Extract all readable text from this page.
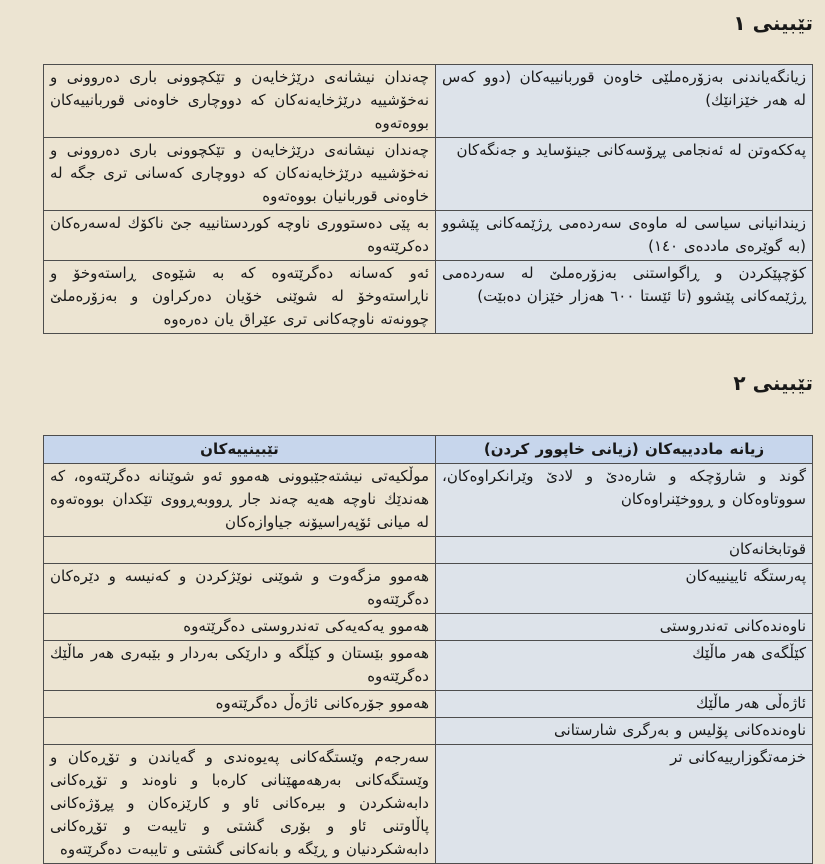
تێبینی ١
زیانگه‌یاندنی به‌زۆره‌ملێی خاوه‌ن قوربانییه‌كان (دوو كه‌س له هه‌ر خێزانێك)	چه‌ندان نیشانه‌ی درێژخایه‌ن و تێكچوونی باری ده‌روونی و نه‌خۆشییه درێژخایه‌نه‌كان كه دووچاری خاوه‌نی قوربانییه‌كان بووه‌ته‌وه
په‌ككه‌وتن له ئه‌نجامی پڕۆسه‌كانی جینۆساید و جه‌نگه‌كان	چه‌ندان نیشانه‌ی درێژخایه‌ن و تێكچوونی باری ده‌روونی و نه‌خۆشییه درێژخایه‌نه‌كان كه دووچاری كه‌سانی تری جگه له خاوه‌نی قوربانیان بووه‌ته‌وه
زیندانیانی سیاسی له ماوه‌ی سه‌رده‌می ڕژێمه‌كانی پێشوو (به گوێره‌ی مادده‌ی ١٤٠)	به پێی ده‌ستووری ناوچه كوردستانییه جێ ناكۆك له‌سه‌ره‌كان ده‌كرێته‌وه
كۆچپێكردن و ڕاگواستنی به‌زۆره‌ملێ له سه‌رده‌می ڕژێمه‌كانی پێشوو (تا ئێستا ٦٠٠ هه‌زار خێزان ده‌بێت)	ئه‌و كه‌سانه ده‌گرێته‌وه كه به شێوه‌ی ڕاسته‌وخۆ و ناڕاسته‌وخۆ له شوێنی خۆیان ده‌ركراون و به‌زۆره‌ملێ چوونه‌ته ناوچه‌كانی تری عێراق یان ده‌ره‌وه
تێبینی ٢
زیانه ماددییه‌كان (زیانی خاپوور كردن)	تێبینییه‌كان
گوند و شارۆچكه و شاره‌دێ و لادێ وێرانكراوه‌كان، سووتاوه‌كان و ڕووخێنراوه‌كان	موڵكیه‌تی نیشته‌جێبوونی هه‌موو ئه‌و شوێنانه ده‌گرێته‌وه، كه هه‌ندێك ناوچه هه‌یه چه‌ند جار ڕووبه‌ڕووی تێكدان بووه‌ته‌وه له میانی ئۆپه‌راسیۆنه جیاوازه‌كان
قوتابخانه‌كان	
په‌رستگه ئایینییه‌كان	هه‌موو مزگه‌وت و شوێنی نوێژكردن و كه‌نیسه و دێره‌كان ده‌گرێته‌وه
ناوه‌نده‌كانی ته‌ندروستی	هه‌موو یه‌كه‌یه‌كی ته‌ندروستی ده‌گرێته‌وه
كێڵگه‌ی هه‌ر ماڵێك	هه‌موو بێستان و كێڵگه و دارێكی به‌ردار و بێبه‌ری هه‌ر ماڵێك ده‌گرێته‌وه
ئاژه‌ڵی هه‌ر ماڵێك	هه‌موو جۆره‌كانی ئاژه‌ڵ ده‌گرێته‌وه
ناوه‌نده‌كانی پۆلیس و به‌رگری شارستانی	
خزمه‌تگوزارییه‌كانی تر	سه‌رجه‌م وێستگه‌كانی په‌یوه‌ندی و گه‌یاندن و تۆڕه‌كان و وێستگه‌كانی به‌رهه‌مهێنانی كاره‌با و ناوه‌ند و تۆڕه‌كانی دابه‌شكردن و بیره‌كانی ئاو و كارێزه‌كان و پڕۆژه‌كانی پاڵاوتنی ئاو و بۆری گشتی و تایبه‌ت و تۆڕه‌كانی دابه‌شكردنیان و ڕێگه و بانه‌كانی گشتی و تایبه‌ت ده‌گرێته‌وه
